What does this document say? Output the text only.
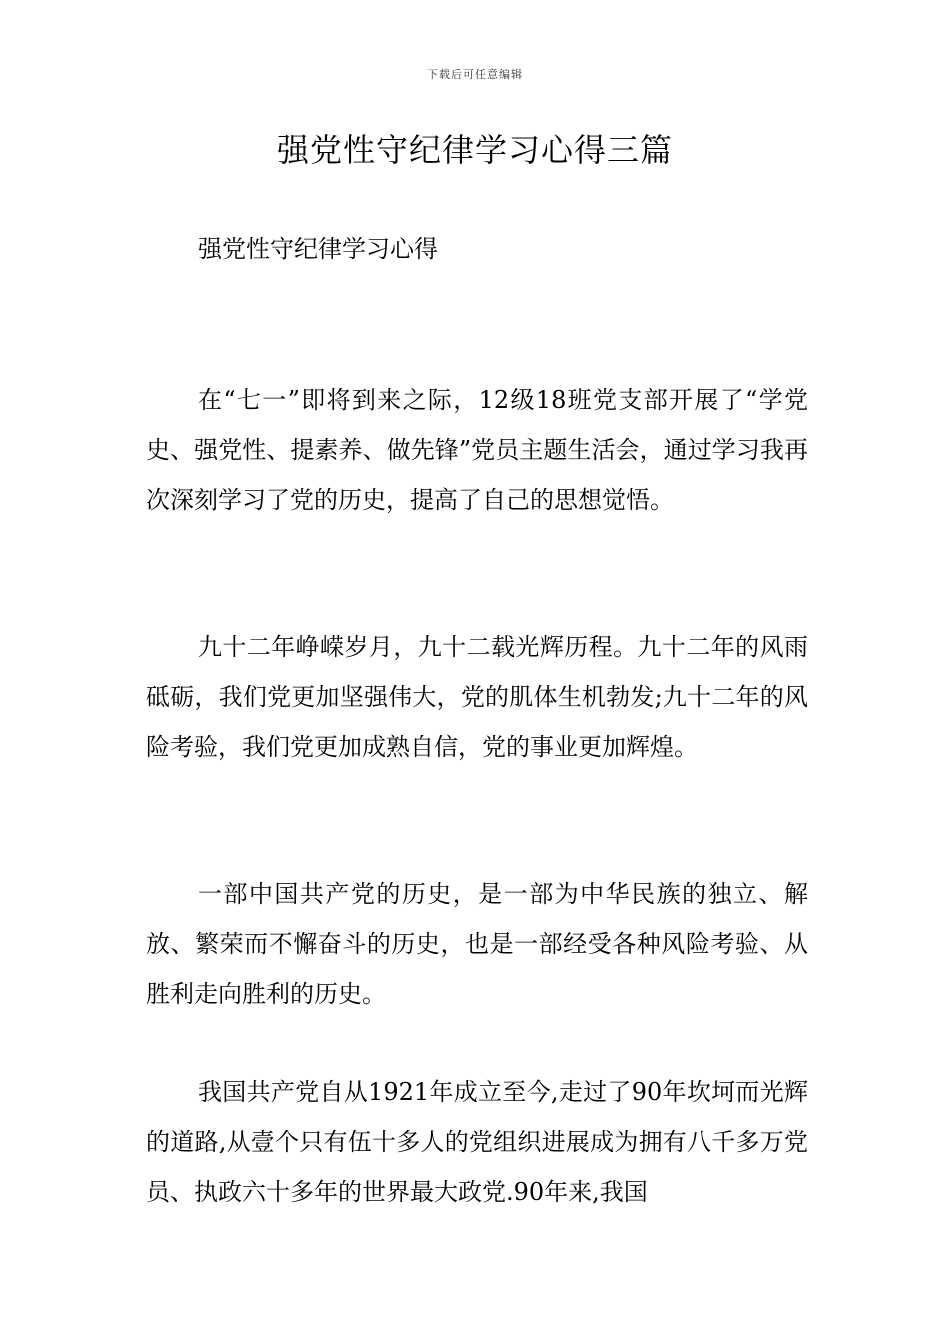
下载后可任意编辑
强党性守纪律学习心得三篇

强党性守纪律学习心得

在“七一”即将到来之际，12级18班党支部开展了“学党史、强党性、提素养、做先锋”党员主题生活会，通过学习我再次深刻学习了党的历史，提高了自己的思想觉悟。

九十二年峥嵘岁月，九十二载光辉历程。九十二年的风雨砥砺，我们党更加坚强伟大，党的肌体生机勃发;九十二年的风险考验，我们党更加成熟自信，党的事业更加辉煌。

一部中国共产党的历史，是一部为中华民族的独立、解放、繁荣而不懈奋斗的历史，也是一部经受各种风险考验、从胜利走向胜利的历史。

我国共产党自从1921年成立至今,走过了90年坎坷而光辉的道路,从壹个只有伍十多人的党组织进展成为拥有八千多万党员、执政六十多年的世界最大政党.90年来,我国
